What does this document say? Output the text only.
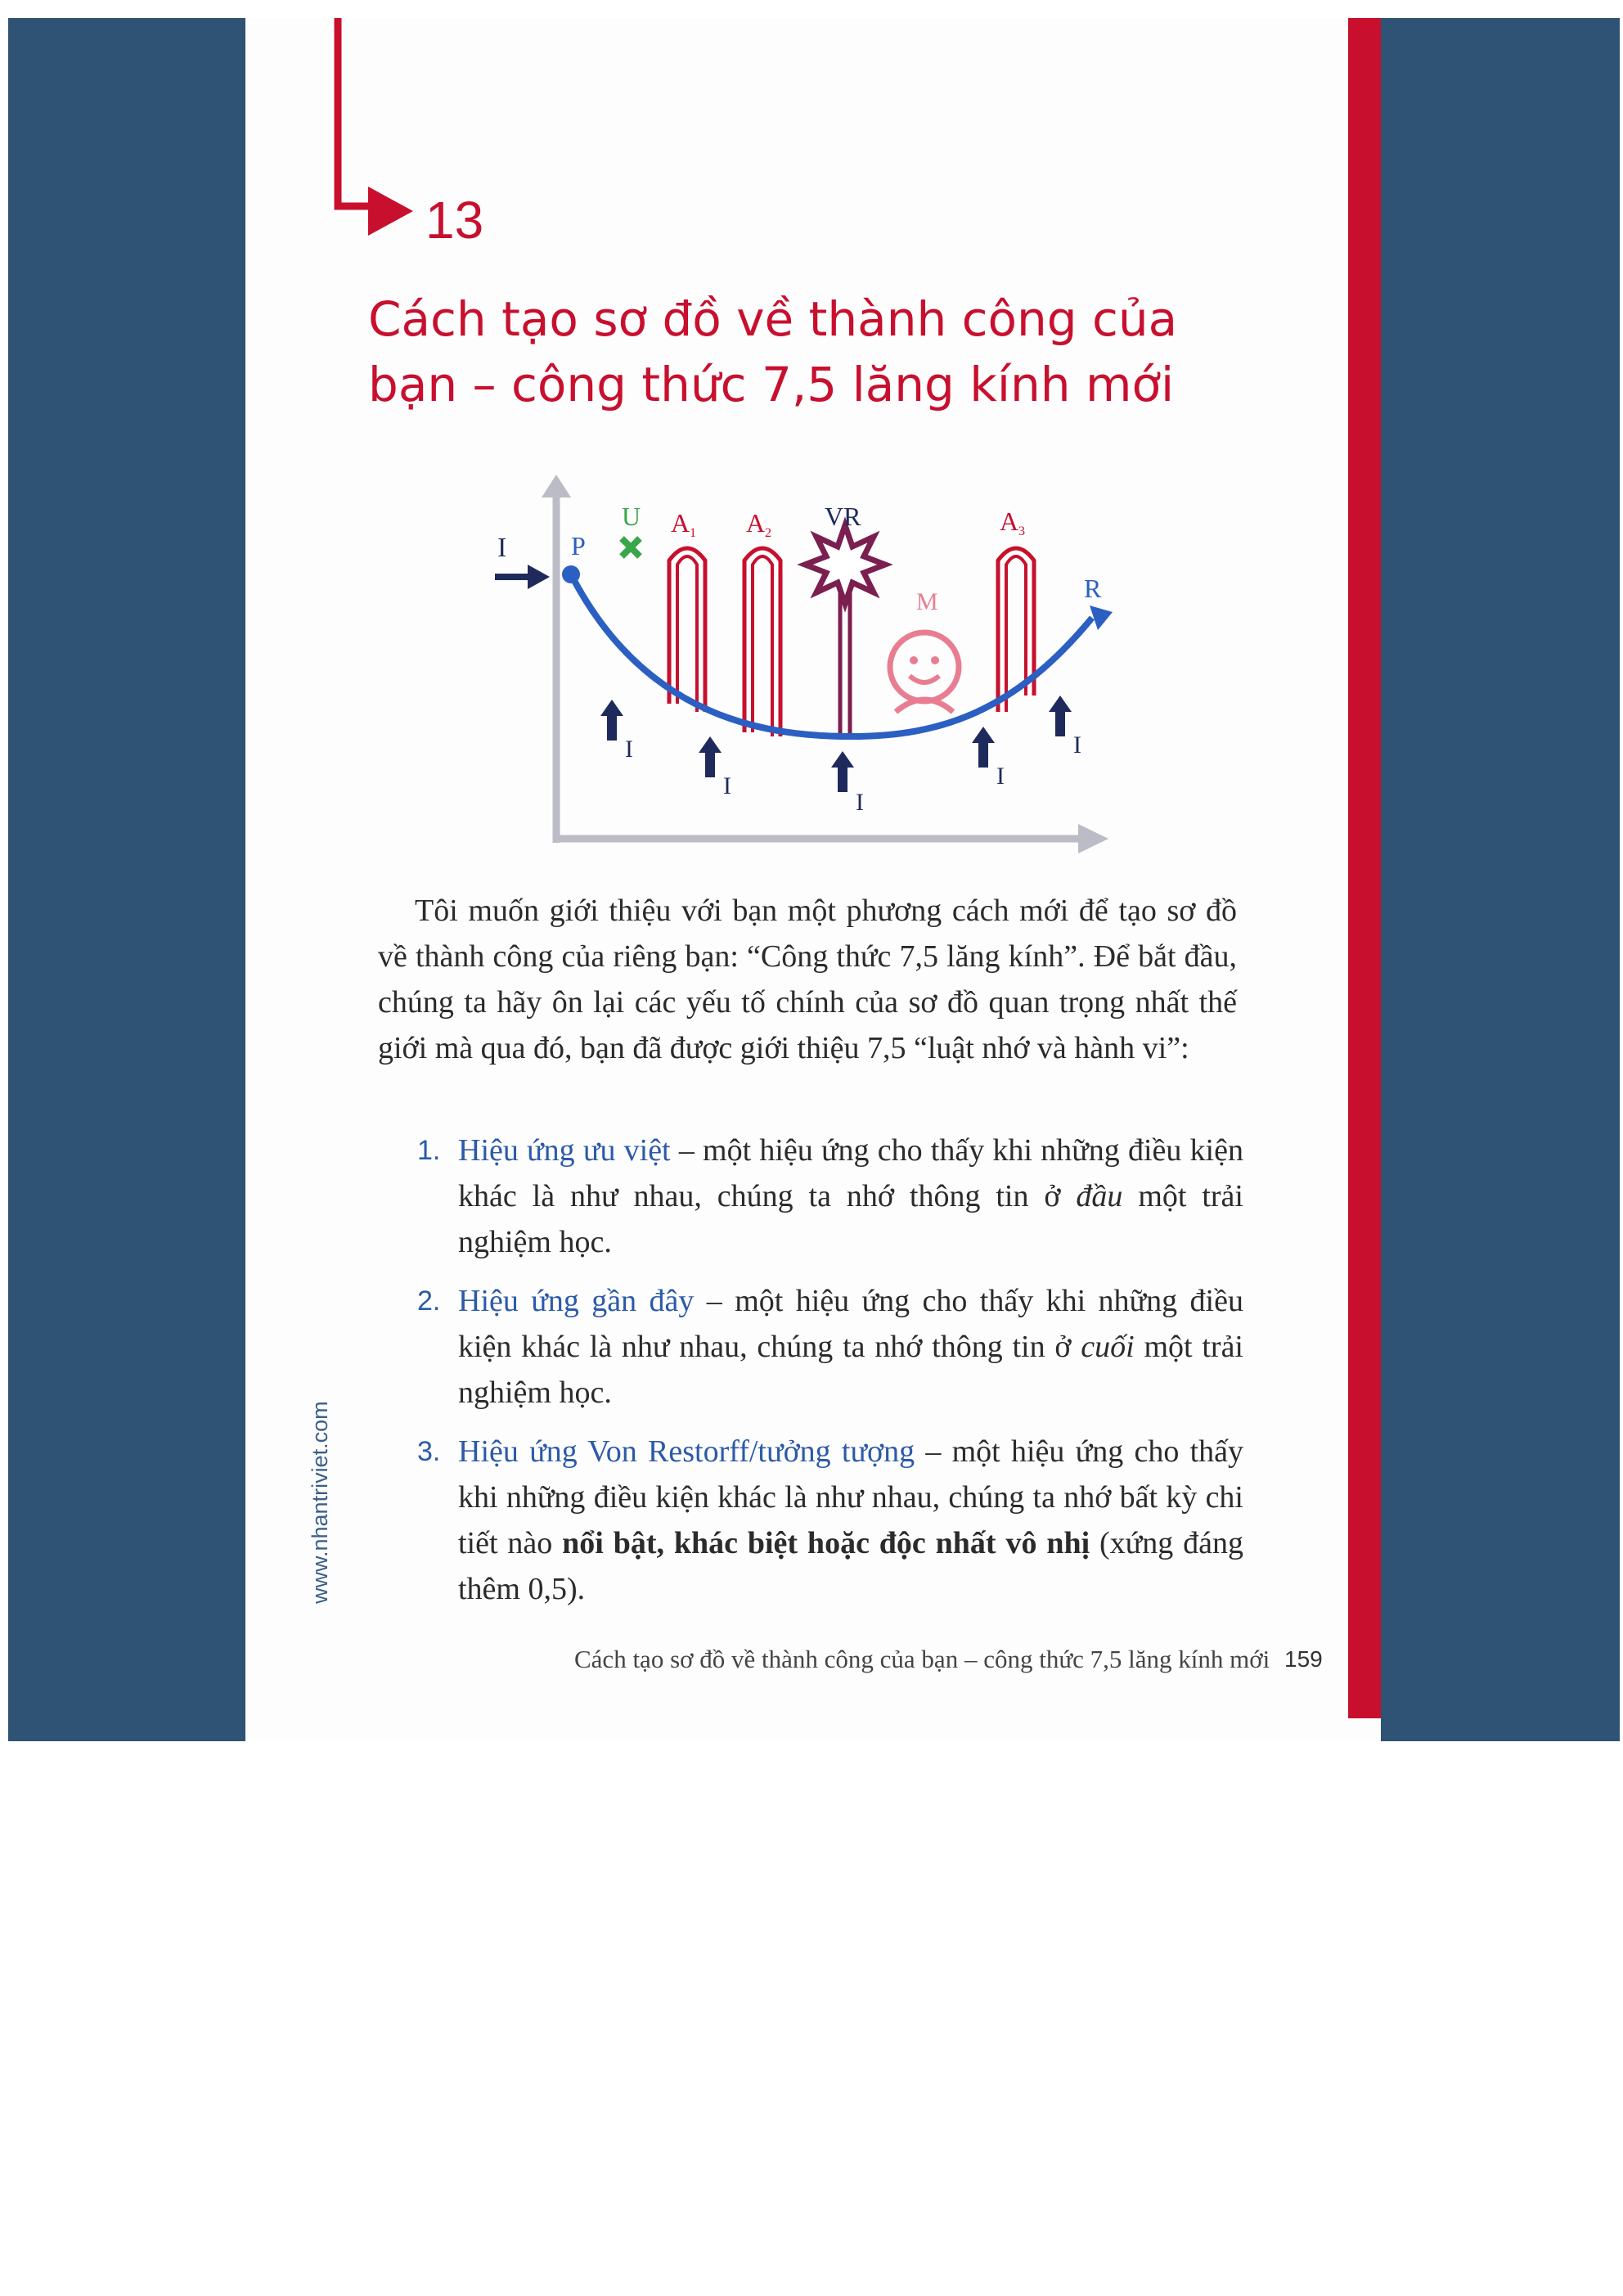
13
Cách tạo sơ đồ về thành công của
bạn – công thức 7,5 lăng kính mới
I P
U A 1 A 2
VR
M
A 3
R
I
I
I
I
I

Tôi muốn giới thiệu với bạn một phương cách mới để tạo sơ đồ về thành công của riêng bạn: “Công thức 7,5 lăng kính”. Để bắt đầu, chúng ta hãy ôn lại các yếu tố chính của sơ đồ quan trọng nhất thế giới mà qua đó, bạn đã được giới thiệu 7,5 “luật nhớ và hành vi”:

1. Hiệu ứng ưu việt – một hiệu ứng cho thấy khi những điều kiện khác là như nhau, chúng ta nhớ thông tin ở đầu một trải nghiệm học.
2. Hiệu ứng gần đây – một hiệu ứng cho thấy khi những điều kiện khác là như nhau, chúng ta nhớ thông tin ở cuối một trải nghiệm học.
3. Hiệu ứng Von Restorff/tưởng tượng – một hiệu ứng cho thấy khi những điều kiện khác là như nhau, chúng ta nhớ bất kỳ chi tiết nào nổi bật, khác biệt hoặc độc nhất vô nhị (xứng đáng thêm 0,5).
www.nhantriviet.com
Cách tạo sơ đồ về thành công của bạn – công thức 7,5 lăng kính mới 159
